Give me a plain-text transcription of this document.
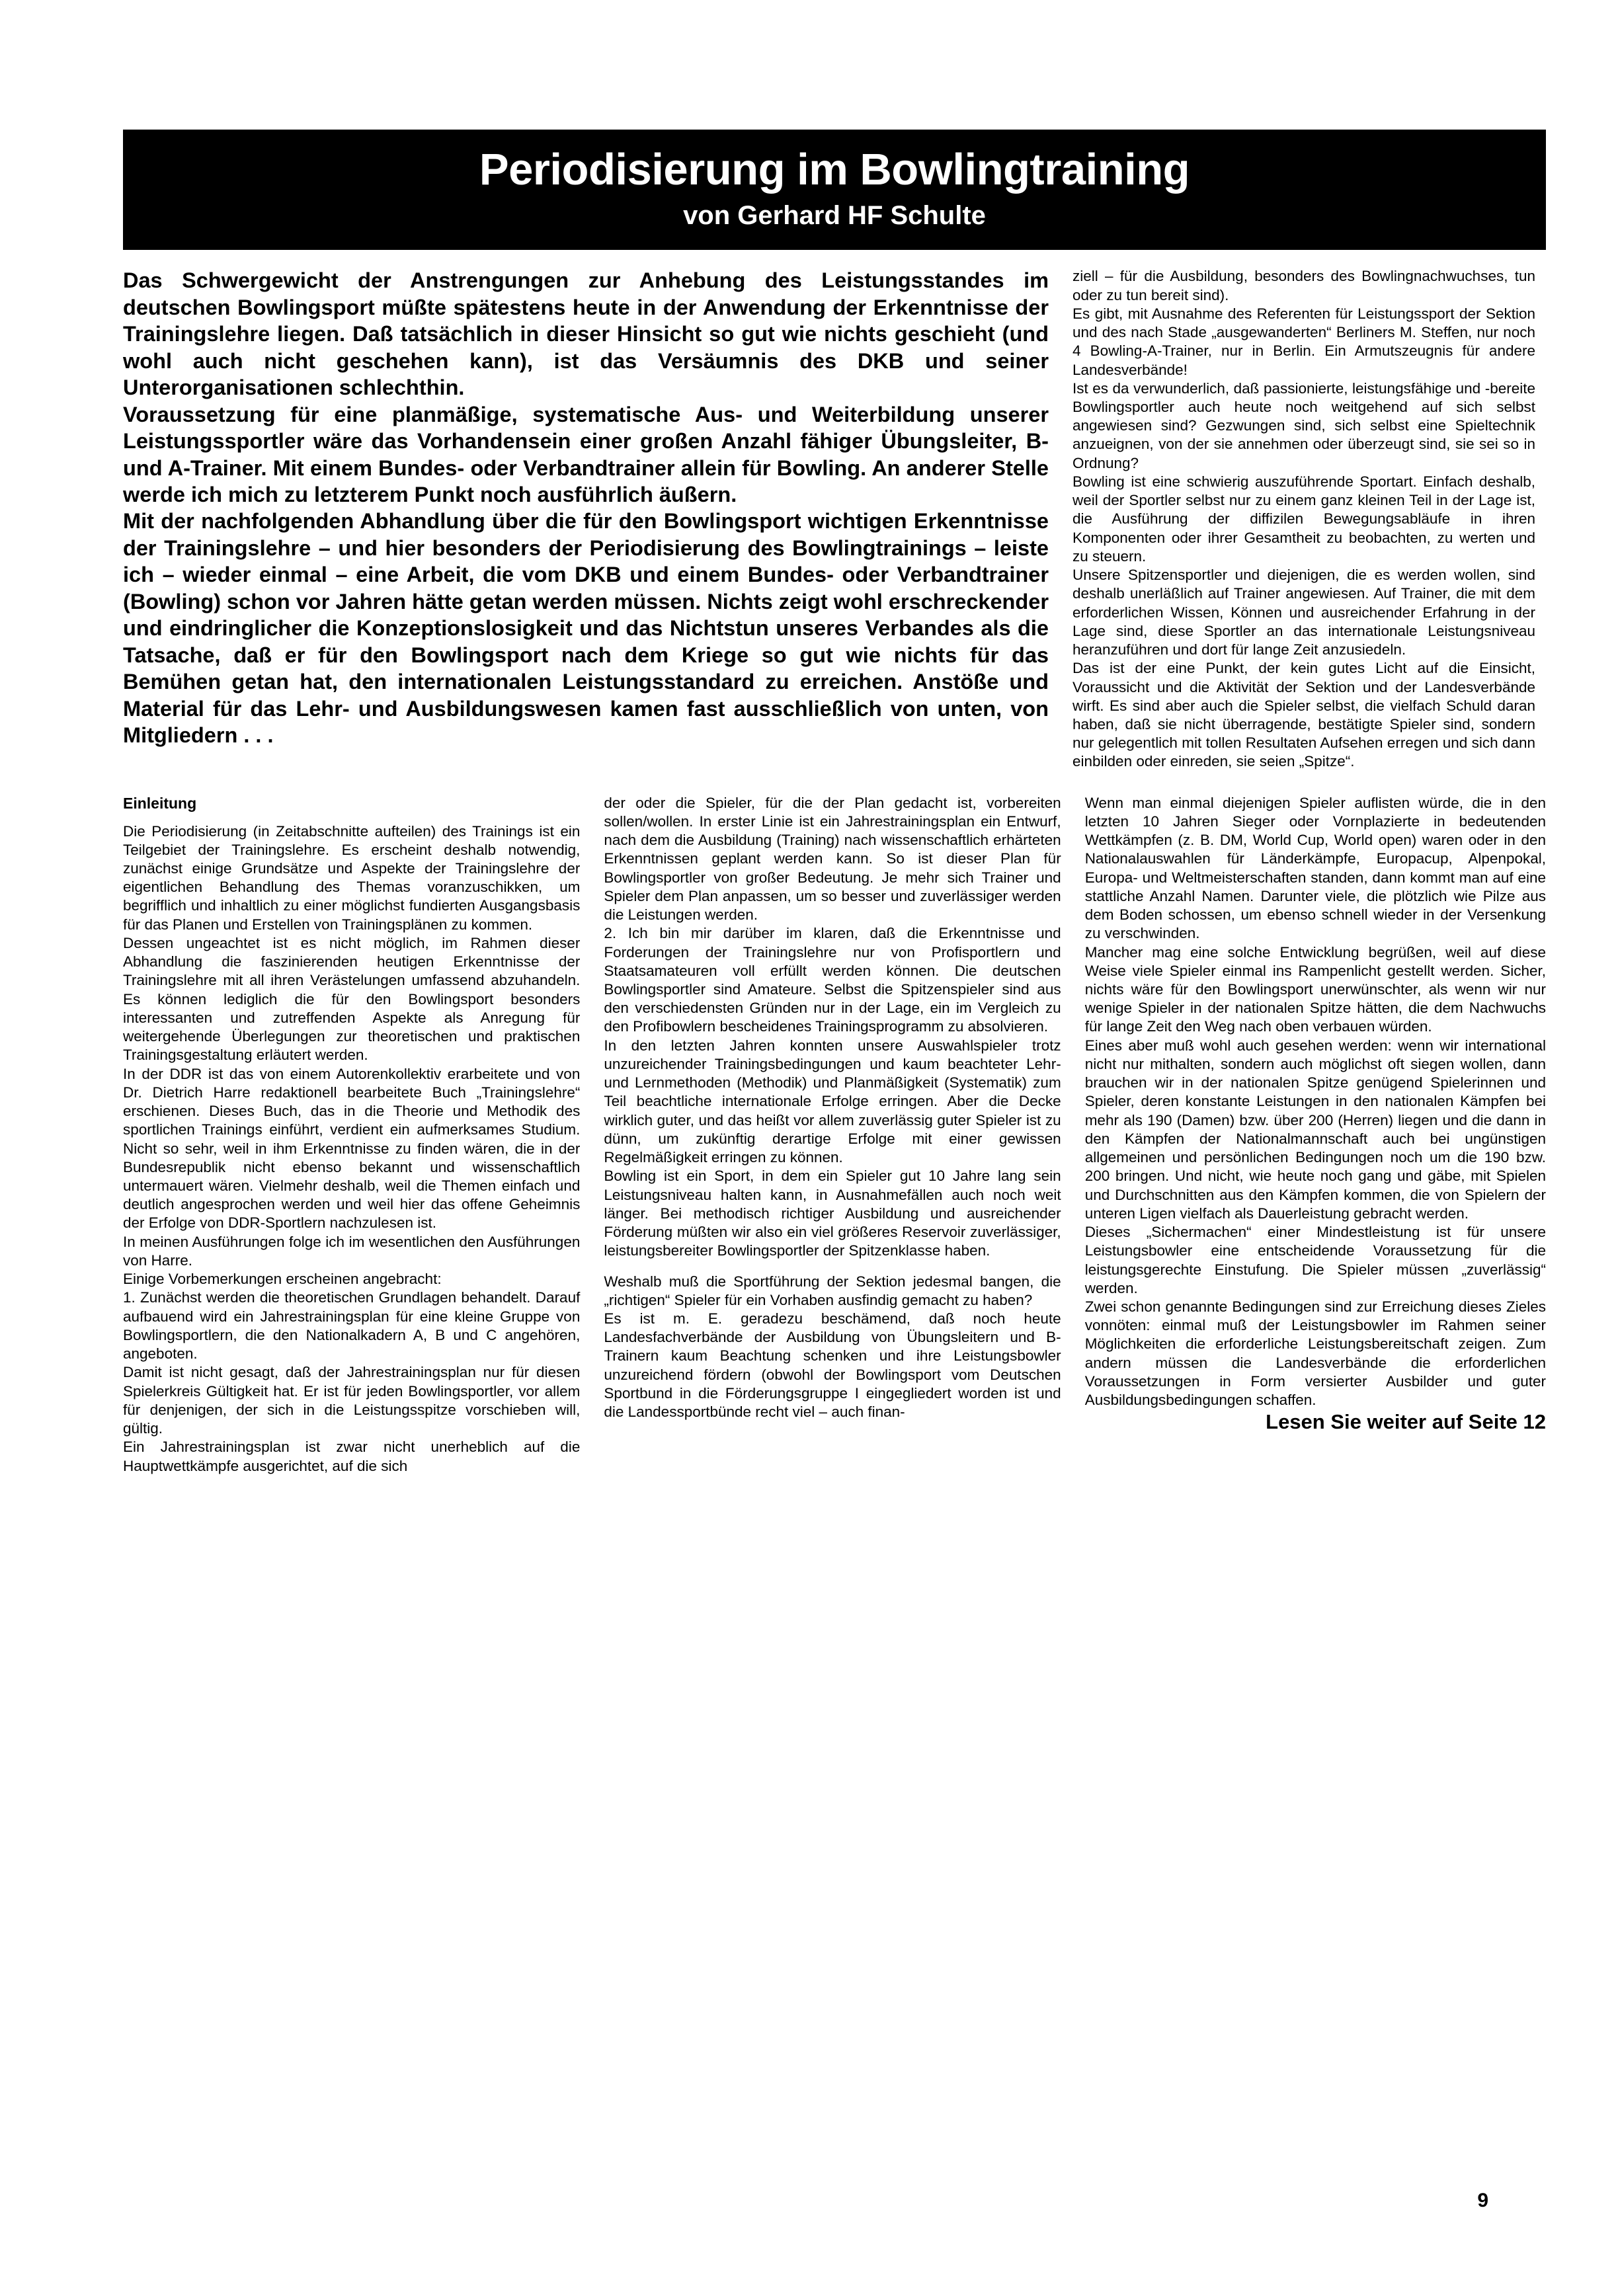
Periodisierung im Bowlingtraining
von Gerhard HF Schulte

Das Schwergewicht der Anstrengungen zur Anhebung des Leistungsstandes im deutschen Bowlingsport müßte spätestens heute in der Anwendung der Erkenntnisse der Trainingslehre liegen. Daß tatsächlich in dieser Hinsicht so gut wie nichts geschieht (und wohl auch nicht geschehen kann), ist das Versäumnis des DKB und seiner Unterorganisationen schlechthin.
Voraussetzung für eine planmäßige, systematische Aus- und Weiterbildung unserer Leistungssportler wäre das Vorhandensein einer großen Anzahl fähiger Übungsleiter, B- und A-Trainer. Mit einem Bundes- oder Verbandtrainer allein für Bowling. An anderer Stelle werde ich mich zu letzterem Punkt noch ausführlich äußern.
Mit der nachfolgenden Abhandlung über die für den Bowlingsport wichtigen Erkenntnisse der Trainingslehre – und hier besonders der Periodisierung des Bowlingtrainings – leiste ich – wieder einmal – eine Arbeit, die vom DKB und einem Bundes- oder Verbandtrainer (Bowling) schon vor Jahren hätte getan werden müssen. Nichts zeigt wohl erschreckender und eindringlicher die Konzeptionslosigkeit und das Nichtstun unseres Verbandes als die Tatsache, daß er für den Bowlingsport nach dem Kriege so gut wie nichts für das Bemühen getan hat, den internationalen Leistungsstandard zu erreichen. Anstöße und Material für das Lehr- und Ausbildungswesen kamen fast ausschließlich von unten, von Mitgliedern . . .

ziell – für die Ausbildung, besonders des Bowlingnachwuchses, tun oder zu tun bereit sind).
Es gibt, mit Ausnahme des Referenten für Leistungssport der Sektion und des nach Stade „ausgewanderten“ Berliners M. Steffen, nur noch 4 Bowling-A-Trainer, nur in Berlin. Ein Armutszeugnis für andere Landesverbände!
Ist es da verwunderlich, daß passionierte, leistungsfähige und -bereite Bowlingsportler auch heute noch weitgehend auf sich selbst angewiesen sind? Gezwungen sind, sich selbst eine Spieltechnik anzueignen, von der sie annehmen oder überzeugt sind, sie sei so in Ordnung?
Bowling ist eine schwierig auszuführende Sportart. Einfach deshalb, weil der Sportler selbst nur zu einem ganz kleinen Teil in der Lage ist, die Ausführung der diffizilen Bewegungsabläufe in ihren Komponenten oder ihrer Gesamtheit zu beobachten, zu werten und zu steuern.
Unsere Spitzensportler und diejenigen, die es werden wollen, sind deshalb unerläßlich auf Trainer angewiesen. Auf Trainer, die mit dem erforderlichen Wissen, Können und ausreichender Erfahrung in der Lage sind, diese Sportler an das internationale Leistungsniveau heranzuführen und dort für lange Zeit anzusiedeln.
Das ist der eine Punkt, der kein gutes Licht auf die Einsicht, Voraussicht und die Aktivität der Sektion und der Landesverbände wirft. Es sind aber auch die Spieler selbst, die vielfach Schuld daran haben, daß sie nicht überragende, bestätigte Spieler sind, sondern nur gelegentlich mit tollen Resultaten Aufsehen erregen und sich dann einbilden oder einreden, sie seien „Spitze“.

Einleitung

Die Periodisierung (in Zeitabschnitte aufteilen) des Trainings ist ein Teilgebiet der Trainingslehre. Es erscheint deshalb notwendig, zunächst einige Grundsätze und Aspekte der Trainingslehre der eigentlichen Behandlung des Themas voranzuschikken, um begrifflich und inhaltlich zu einer möglichst fundierten Ausgangsbasis für das Planen und Erstellen von Trainingsplänen zu kommen.

Dessen ungeachtet ist es nicht möglich, im Rahmen dieser Abhandlung die faszinierenden heutigen Erkenntnisse der Trainingslehre mit all ihren Verästelungen umfassend abzuhandeln. Es können lediglich die für den Bowlingsport besonders interessanten und zutreffenden Aspekte als Anregung für weitergehende Überlegungen zur theoretischen und praktischen Trainingsgestaltung erläutert werden.

In der DDR ist das von einem Autorenkollektiv erarbeitete und von Dr. Dietrich Harre redaktionell bearbeitete Buch „Trainingslehre“ erschienen. Dieses Buch, das in die Theorie und Methodik des sportlichen Trainings einführt, verdient ein aufmerksames Studium. Nicht so sehr, weil in ihm Erkenntnisse zu finden wären, die in der Bundesrepublik nicht ebenso bekannt und wissenschaftlich untermauert wären. Vielmehr deshalb, weil die Themen einfach und deutlich angesprochen werden und weil hier das offene Geheimnis der Erfolge von DDR-Sportlern nachzulesen ist.

In meinen Ausführungen folge ich im wesentlichen den Ausführungen von Harre.

Einige Vorbemerkungen erscheinen angebracht:

1. Zunächst werden die theoretischen Grundlagen behandelt. Darauf aufbauend wird ein Jahrestrainingsplan für eine kleine Gruppe von Bowlingsportlern, die den Nationalkadern A, B und C angehören, angeboten.

Damit ist nicht gesagt, daß der Jahrestrainingsplan nur für diesen Spielerkreis Gültigkeit hat. Er ist für jeden Bowlingsportler, vor allem für denjenigen, der sich in die Leistungsspitze vorschieben will, gültig.

Ein Jahrestrainingsplan ist zwar nicht unerheblich auf die Hauptwettkämpfe ausgerichtet, auf die sich

der oder die Spieler, für die der Plan gedacht ist, vorbereiten sollen/wollen. In erster Linie ist ein Jahrestrainingsplan ein Entwurf, nach dem die Ausbildung (Training) nach wissenschaftlich erhärteten Erkenntnissen geplant werden kann. So ist dieser Plan für Bowlingsportler von großer Bedeutung. Je mehr sich Trainer und Spieler dem Plan anpassen, um so besser und zuverlässiger werden die Leistungen werden.

2. Ich bin mir darüber im klaren, daß die Erkenntnisse und Forderungen der Trainingslehre nur von Profisportlern und Staatsamateuren voll erfüllt werden können. Die deutschen Bowlingsportler sind Amateure. Selbst die Spitzenspieler sind aus den verschiedensten Gründen nur in der Lage, ein im Vergleich zu den Profibowlern bescheidenes Trainingsprogramm zu absolvieren.

In den letzten Jahren konnten unsere Auswahlspieler trotz unzureichender Trainingsbedingungen und kaum beachteter Lehr- und Lernmethoden (Methodik) und Planmäßigkeit (Systematik) zum Teil beachtliche internationale Erfolge erringen. Aber die Decke wirklich guter, und das heißt vor allem zuverlässig guter Spieler ist zu dünn, um zukünftig derartige Erfolge mit einer gewissen Regelmäßigkeit erringen zu können.

Bowling ist ein Sport, in dem ein Spieler gut 10 Jahre lang sein Leistungsniveau halten kann, in Ausnahmefällen auch noch weit länger. Bei methodisch richtiger Ausbildung und ausreichender Förderung müßten wir also ein viel größeres Reservoir zuverlässiger, leistungsbereiter Bowlingsportler der Spitzenklasse haben.

Weshalb muß die Sportführung der Sektion jedesmal bangen, die „richtigen“ Spieler für ein Vorhaben ausfindig gemacht zu haben?

Es ist m. E. geradezu beschämend, daß noch heute Landesfachverbände der Ausbildung von Übungsleitern und B-Trainern kaum Beachtung schenken und ihre Leistungsbowler unzureichend fördern (obwohl der Bowlingsport vom Deutschen Sportbund in die Förderungsgruppe I eingegliedert worden ist und die Landessportbünde recht viel – auch finan-

Wenn man einmal diejenigen Spieler auflisten würde, die in den letzten 10 Jahren Sieger oder Vornplazierte in bedeutenden Wettkämpfen (z. B. DM, World Cup, World open) waren oder in den Nationalauswahlen für Länderkämpfe, Europacup, Alpenpokal, Europa- und Weltmeisterschaften standen, dann kommt man auf eine stattliche Anzahl Namen. Darunter viele, die plötzlich wie Pilze aus dem Boden schossen, um ebenso schnell wieder in der Versenkung zu verschwinden.

Mancher mag eine solche Entwicklung begrüßen, weil auf diese Weise viele Spieler einmal ins Rampenlicht gestellt werden. Sicher, nichts wäre für den Bowlingsport unerwünschter, als wenn wir nur wenige Spieler in der nationalen Spitze hätten, die dem Nachwuchs für lange Zeit den Weg nach oben verbauen würden.

Eines aber muß wohl auch gesehen werden: wenn wir international nicht nur mithalten, sondern auch möglichst oft siegen wollen, dann brauchen wir in der nationalen Spitze genügend Spielerinnen und Spieler, deren konstante Leistungen in den nationalen Kämpfen bei mehr als 190 (Damen) bzw. über 200 (Herren) liegen und die dann in den Kämpfen der Nationalmannschaft auch bei ungünstigen allgemeinen und persönlichen Bedingungen noch um die 190 bzw. 200 bringen. Und nicht, wie heute noch gang und gäbe, mit Spielen und Durchschnitten aus den Kämpfen kommen, die von Spielern der unteren Ligen vielfach als Dauerleistung gebracht werden.

Dieses „Sichermachen“ einer Mindestleistung ist für unsere Leistungsbowler eine entscheidende Voraussetzung für die leistungsgerechte Einstufung. Die Spieler müssen „zuverlässig“ werden.

Zwei schon genannte Bedingungen sind zur Erreichung dieses Zieles vonnöten: einmal muß der Leistungsbowler im Rahmen seiner Möglichkeiten die erforderliche Leistungsbereitschaft zeigen. Zum andern müssen die Landesverbände die erforderlichen Voraussetzungen in Form versierter Ausbilder und guter Ausbildungsbedingungen schaffen.

Lesen Sie weiter auf Seite 12

9
